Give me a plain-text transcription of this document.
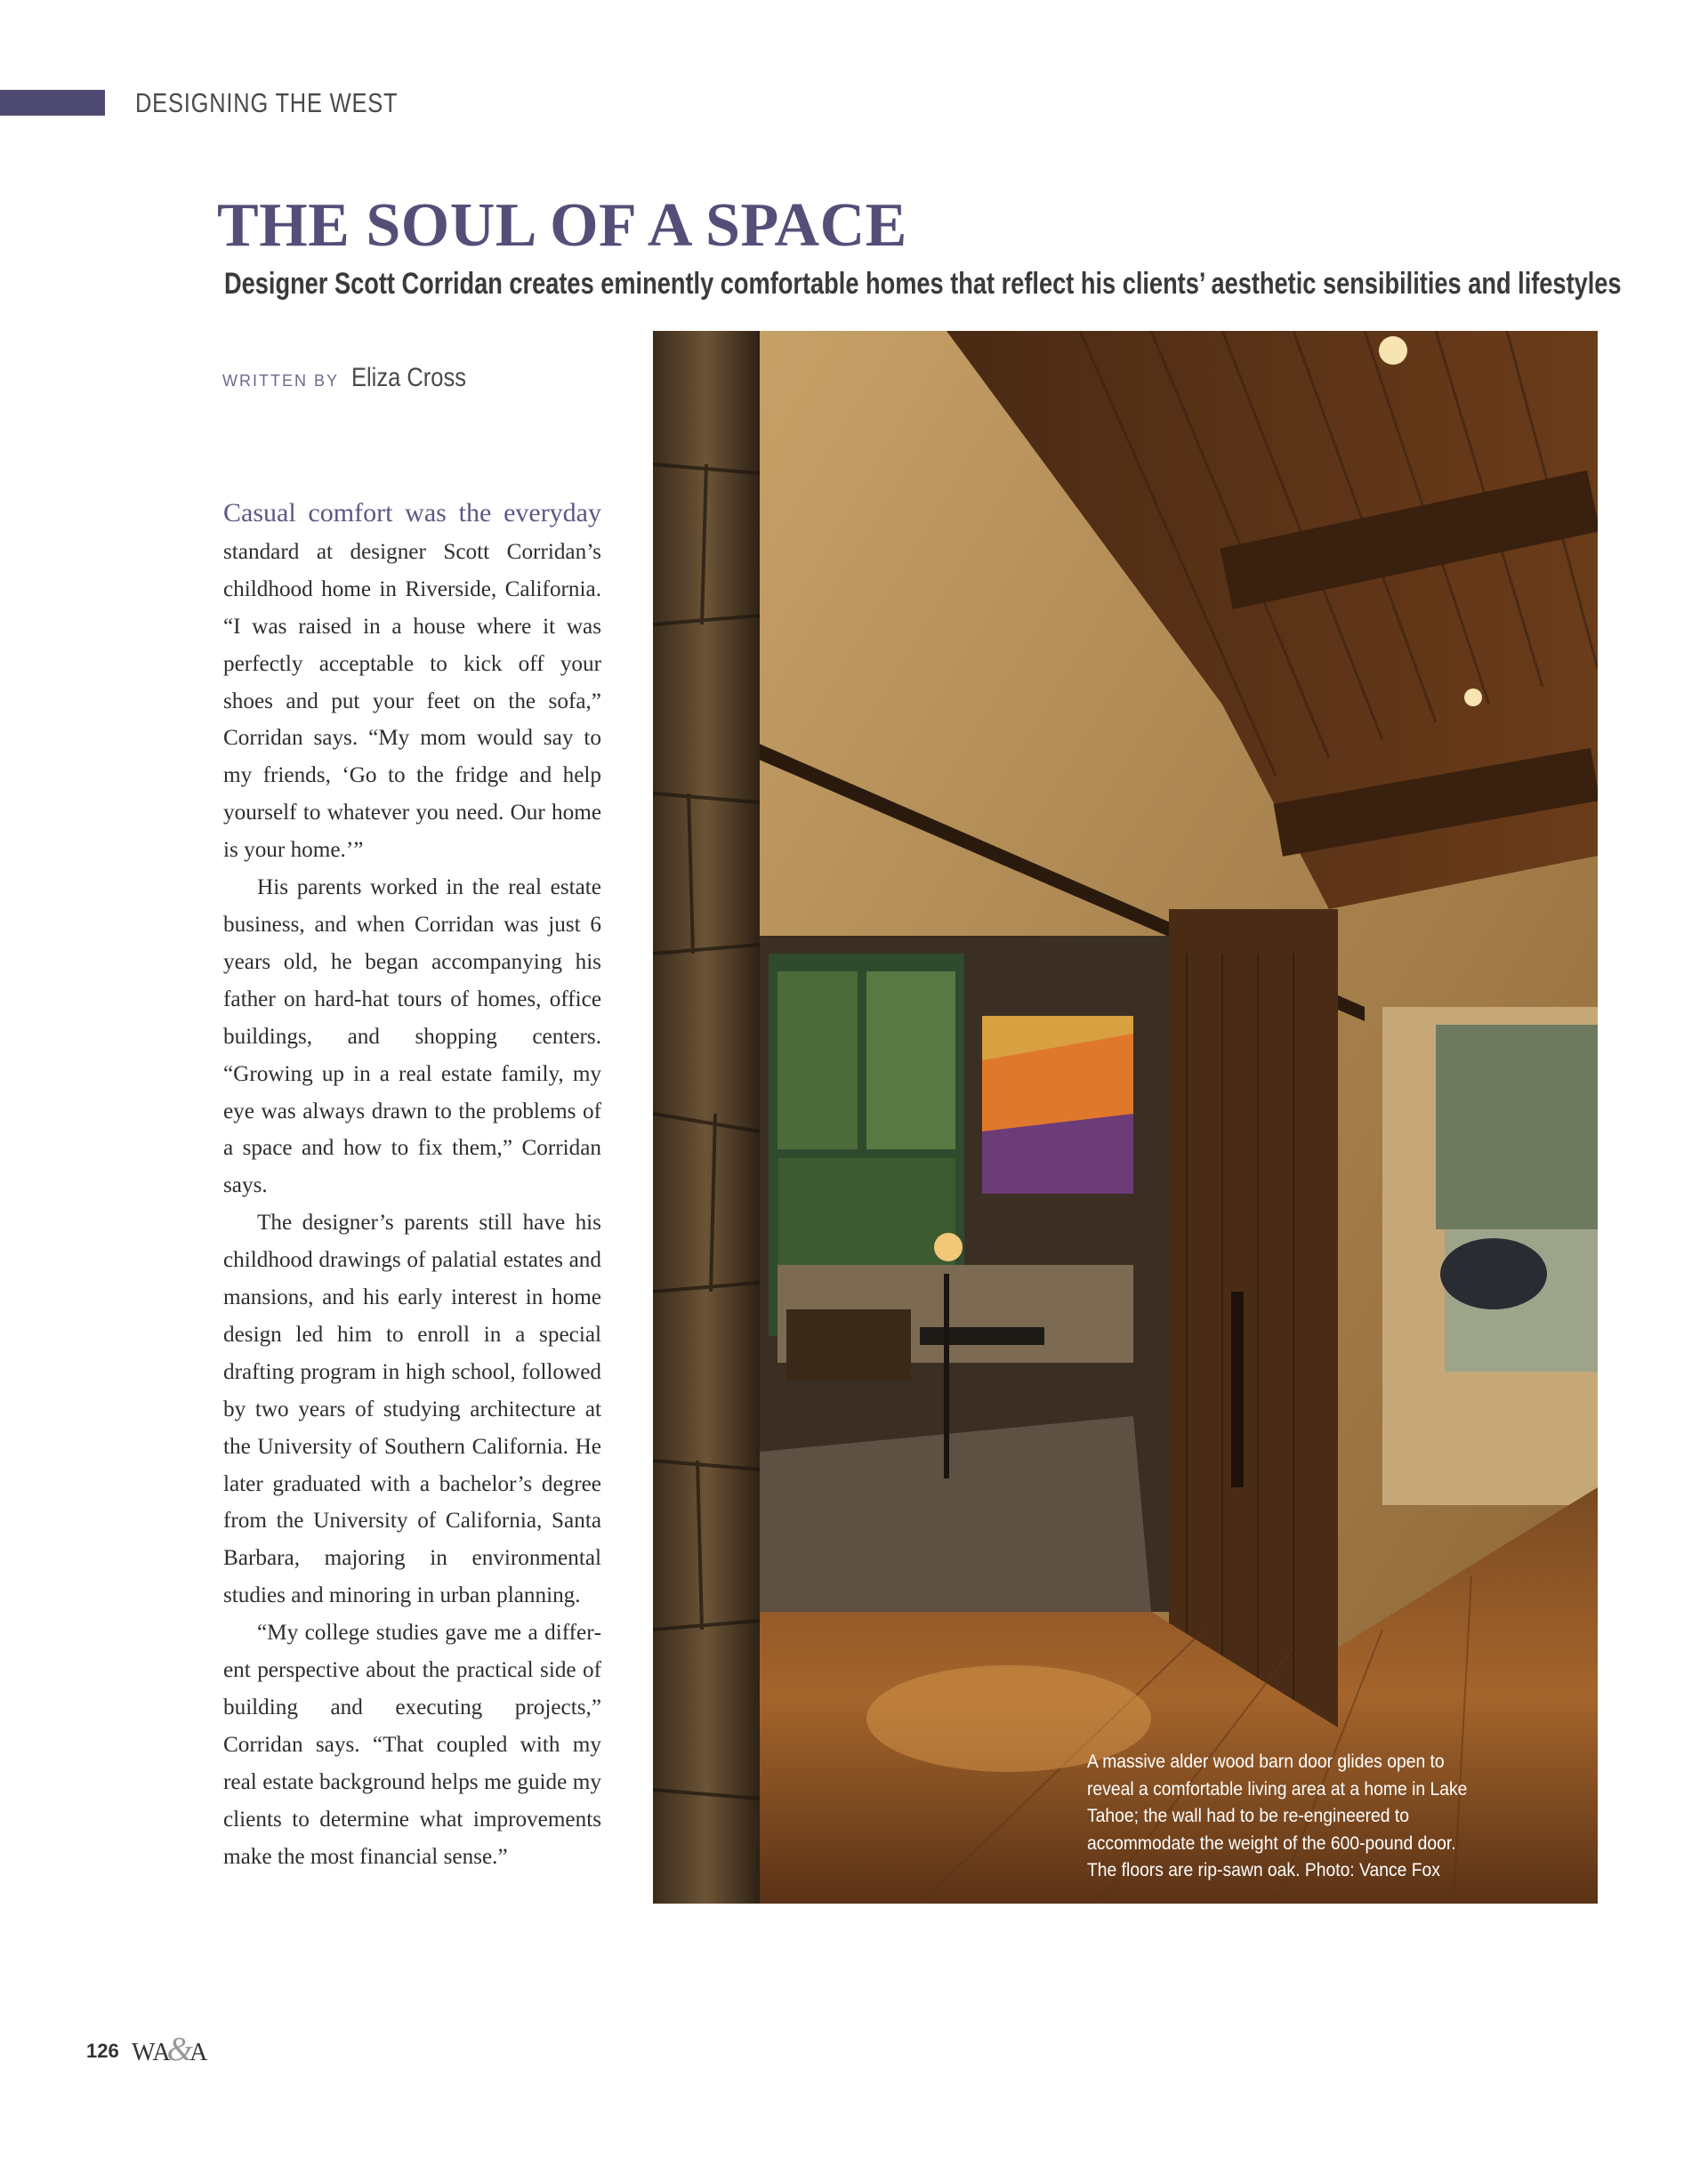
DESIGNING THE WEST
THE SOUL OF A SPACE
Designer Scott Corridan creates eminently comfortable homes that reflect his clients’ aesthetic sensibilities and lifestyles
WRITTEN BY Eliza Cross

Casual comfort was the everyday standard at designer Scott Corridan’s childhood home in Riverside, California. “I was raised in a house where it was perfectly acceptable to kick off your shoes and put your feet on the sofa,” Corridan says. “My mom would say to my friends, ‘Go to the fridge and help yourself to whatever you need. Our home is your home.’”

His parents worked in the real estate business, and when Corridan was just 6 years old, he began accompanying his father on hard-hat tours of homes, office buildings, and shopping centers. “Growing up in a real estate family, my eye was always drawn to the problems of a space and how to fix them,” Corridan says.

The designer’s parents still have his childhood drawings of palatial estates and mansions, and his early interest in home design led him to enroll in a special drafting program in high school, followed by two years of studying architecture at the University of Southern California. He later graduated with a bachelor’s degree from the University of California, Santa Barbara, majoring in environmental studies and minoring in urban planning.

“My college studies gave me a different perspective about the practical side of building and executing projects,” Corridan says. “That coupled with my real estate background helps me guide my clients to determine what improvements make the most financial sense.”

A massive alder wood barn door glides open to reveal a comfortable living area at a home in Lake Tahoe; the wall had to be re-engineered to accommodate the weight of the 600-pound door. The floors are rip-sawn oak. Photo: Vance Fox
126 WA&A
